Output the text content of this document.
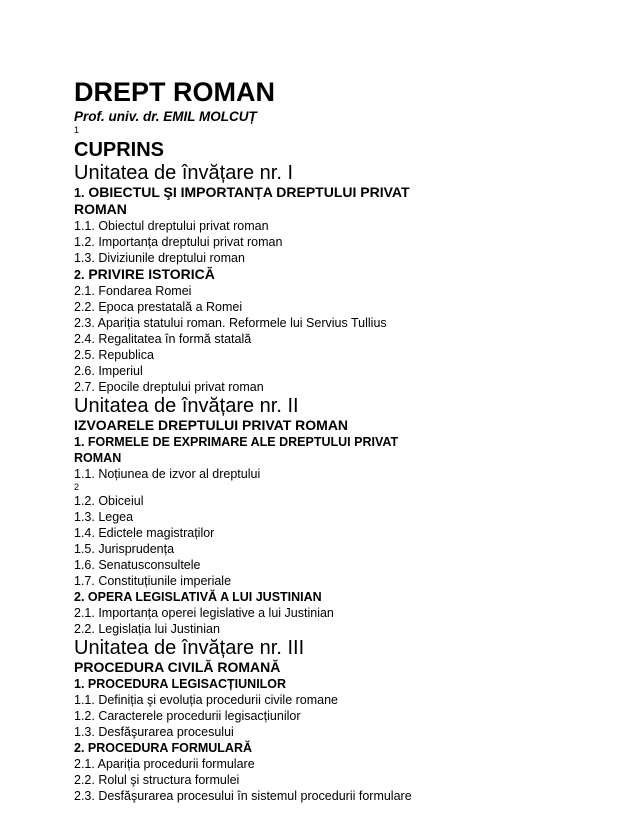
DREPT ROMAN
Prof. univ. dr. EMIL MOLCUȚ
1
CUPRINS
Unitatea de învățare nr. I
1. OBIECTUL ŞI IMPORTANȚA DREPTULUI PRIVAT
ROMAN
1.1. Obiectul dreptului privat roman
1.2. Importanța dreptului privat roman
1.3. Diviziunile dreptului roman
2. PRIVIRE ISTORICĂ
2.1. Fondarea Romei
2.2. Epoca prestatală a Romei
2.3. Apariția statului roman. Reformele lui Servius Tullius
2.4. Regalitatea în formă statală
2.5. Republica
2.6. Imperiul
2.7. Epocile dreptului privat roman
Unitatea de învățare nr. II
IZVOARELE DREPTULUI PRIVAT ROMAN
1. FORMELE DE EXPRIMARE ALE DREPTULUI PRIVAT
ROMAN
1.1. Noțiunea de izvor al dreptului
2
1.2. Obiceiul
1.3. Legea
1.4. Edictele magistraților
1.5. Jurisprudența
1.6. Senatusconsultele
1.7. Constituțiunile imperiale
2. OPERA LEGISLATIVĂ A LUI JUSTINIAN
2.1. Importanța operei legislative a lui Justinian
2.2. Legislația lui Justinian
Unitatea de învățare nr. III
PROCEDURA CIVILĂ ROMANĂ
1. PROCEDURA LEGISACȚIUNILOR
1.1. Definiția şi evoluția procedurii civile romane
1.2. Caracterele procedurii legisacțiunilor
1.3. Desfăşurarea procesului
2. PROCEDURA FORMULARĂ
2.1. Apariția procedurii formulare
2.2. Rolul şi structura formulei
2.3. Desfăşurarea procesului în sistemul procedurii formulare
